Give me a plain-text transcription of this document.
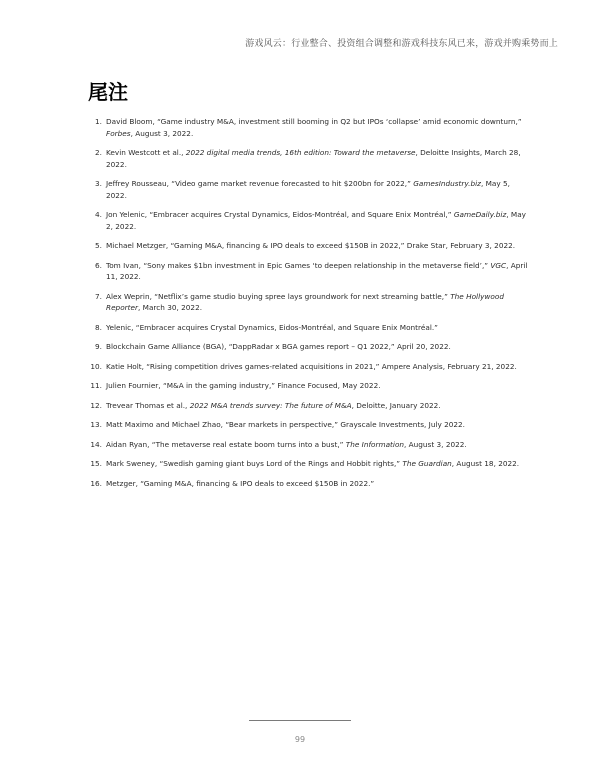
游戏风云：行业整合、投资组合调整和游戏科技东风已来，游戏并购乘势而上
尾注
1. David Bloom, “Game industry M&A, investment still booming in Q2 but IPOs ‘collapse’ amid economic downturn,” Forbes, August 3, 2022.
2. Kevin Westcott et al., 2022 digital media trends, 16th edition: Toward the metaverse, Deloitte Insights, March 28, 2022.
3. Jeffrey Rousseau, “Video game market revenue forecasted to hit $200bn for 2022,” GamesIndustry.biz, May 5, 2022.
4. Jon Yelenic, “Embracer acquires Crystal Dynamics, Eidos-Montréal, and Square Enix Montréal,” GameDaily.biz, May 2, 2022.
5. Michael Metzger, “Gaming M&A, financing & IPO deals to exceed $150B in 2022,” Drake Star, February 3, 2022.
6. Tom Ivan, “Sony makes $1bn investment in Epic Games ‘to deepen relationship in the metaverse field’,” VGC, April 11, 2022.
7. Alex Weprin, “Netflix’s game studio buying spree lays groundwork for next streaming battle,” The Hollywood Reporter, March 30, 2022.
8. Yelenic, “Embracer acquires Crystal Dynamics, Eidos-Montréal, and Square Enix Montréal.”
9. Blockchain Game Alliance (BGA), “DappRadar x BGA games report – Q1 2022,” April 20, 2022.
10. Katie Holt, “Rising competition drives games-related acquisitions in 2021,” Ampere Analysis, February 21, 2022.
11. Julien Fournier, “M&A in the gaming industry,” Finance Focused, May 2022.
12. Trevear Thomas et al., 2022 M&A trends survey: The future of M&A, Deloitte, January 2022.
13. Matt Maximo and Michael Zhao, “Bear markets in perspective,” Grayscale Investments, July 2022.
14. Aidan Ryan, “The metaverse real estate boom turns into a bust,” The Information, August 3, 2022.
15. Mark Sweney, “Swedish gaming giant buys Lord of the Rings and Hobbit rights,” The Guardian, August 18, 2022.
16. Metzger, “Gaming M&A, financing & IPO deals to exceed $150B in 2022.”
99
